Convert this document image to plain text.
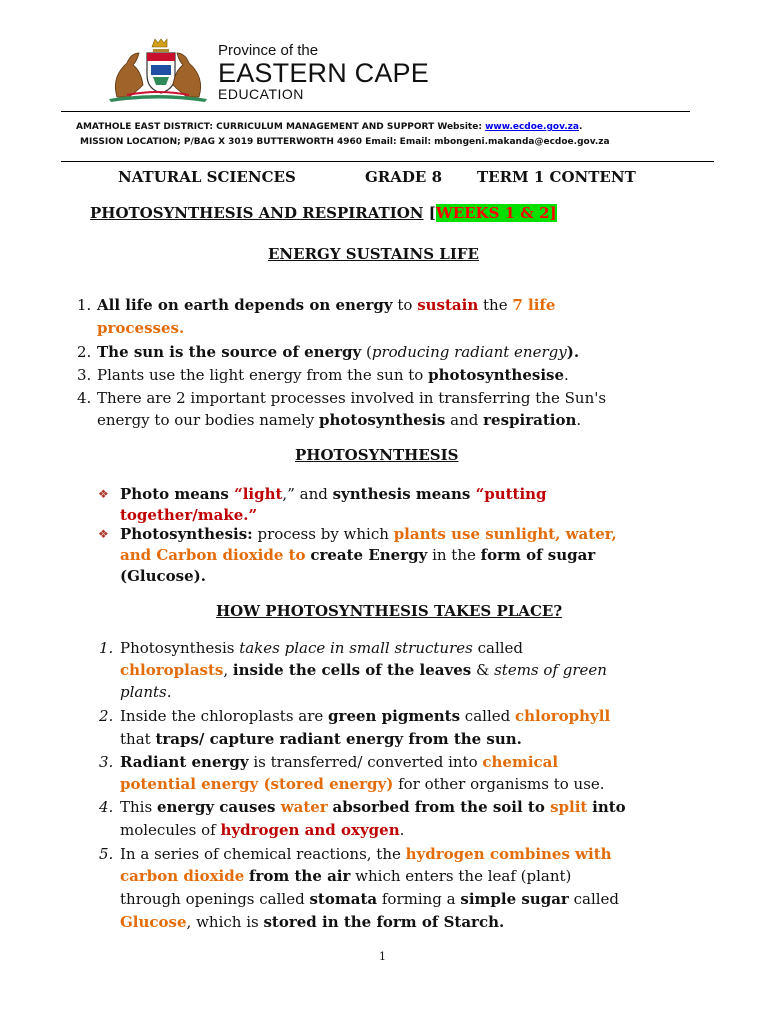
Province of the
EASTERN CAPE
EDUCATION
AMATHOLE EAST DISTRICT: CURRICULUM MANAGEMENT AND SUPPORT Website: www.ecdoe.gov.za.
MISSION LOCATION; P/BAG X 3019 BUTTERWORTH 4960 Email: Email: mbongeni.makanda@ecdoe.gov.za
NATURAL SCIENCES	GRADE 8 TERM 1 CONTENT
PHOTOSYNTHESIS AND RESPIRATION [WEEKS 1 & 2]
ENERGY SUSTAINS LIFE
PHOTOSYNTHESIS
HOW PHOTOSYNTHESIS TAKES PLACE?
1. All life on earth depends on energy to sustain the 7 life
processes.
2. The sun is the source of energy (producing radiant energy).
3. Plants use the light energy from the sun to photosynthesise.
4. There are 2 important processes involved in transferring the Sun's
energy to our bodies namely photosynthesis and respiration.
❖ Photo means “light,” and synthesis means “putting
together/make.”
❖ Photosynthesis: process by which plants use sunlight, water,
and Carbon dioxide to create Energy in the form of sugar
(Glucose).
1. Photosynthesis takes place in small structures called
chloroplasts, inside the cells of the leaves & stems of green
plants.
2. Inside the chloroplasts are green pigments called chlorophyll
that traps/ capture radiant energy from the sun.
3. Radiant energy is transferred/ converted into chemical
potential energy (stored energy) for other organisms to use.
4. This energy causes water absorbed from the soil to split into
molecules of hydrogen and oxygen.
5. In a series of chemical reactions, the hydrogen combines with
carbon dioxide from the air which enters the leaf (plant)
through openings called stomata forming a simple sugar called
Glucose, which is stored in the form of Starch.
1
